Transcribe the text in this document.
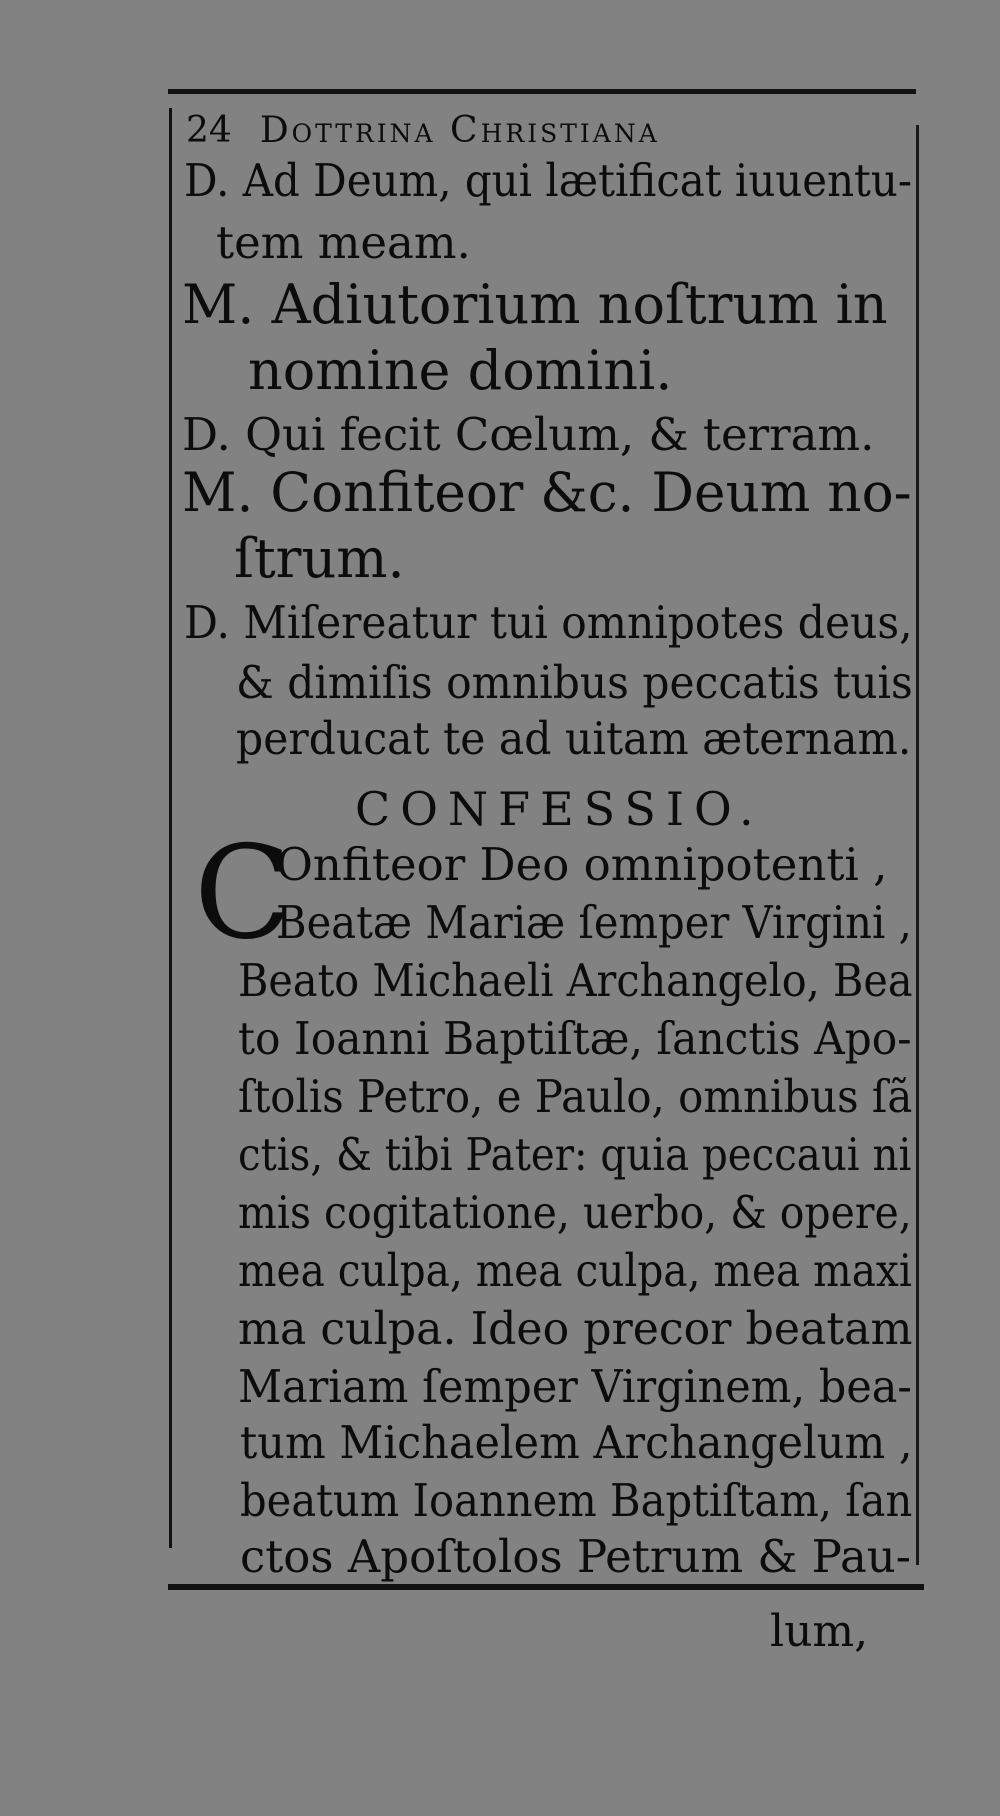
24 Dottrina Christiana
D. Ad Deum, qui lætificat iuuentu-
tem meam.
M. Adiutorium noſtrum in
nomine domini.
D. Qui fecit Cœlum, & terram.
M. Confiteor &c. Deum no-
ſtrum.
D. Miſereatur tui omnipotes deus,
& dimiſis omnibus peccatis tuis
perducat te ad uitam æternam.
CONFESSIO.
C
Onfiteor Deo omnipotenti ,
Beatæ Mariæ ſemper Virgini ,
Beato Michaeli Archangelo, Bea
to Ioanni Baptiſtæ, ſanctis Apo-
ſtolis Petro, e Paulo, omnibus ſã
ctis, & tibi Pater: quia peccaui ni
mis cogitatione, uerbo, & opere,
mea culpa, mea culpa, mea maxi
ma culpa. Ideo precor beatam
Mariam ſemper Virginem, bea-
tum Michaelem Archangelum ,
beatum Ioannem Baptiſtam, ſan
ctos Apoſtolos Petrum & Pau-
lum,
